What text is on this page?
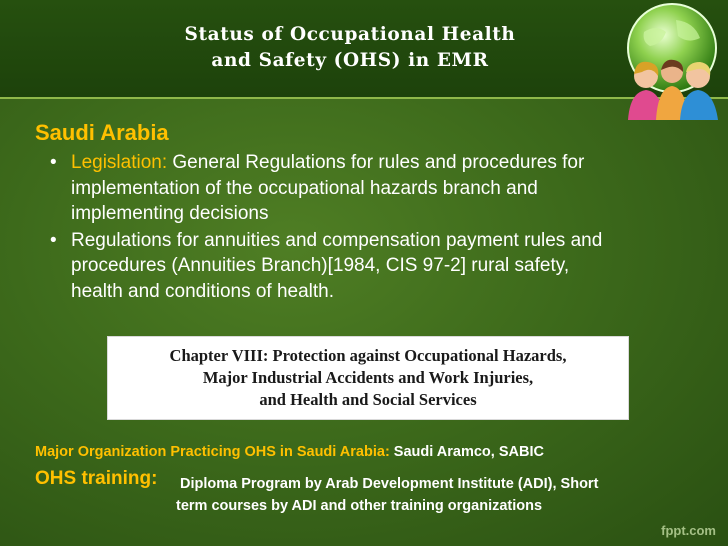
Status of Occupational Health
and Safety (OHS) in EMR
Saudi Arabia
• Legislation: General Regulations for rules and procedures for
implementation of the occupational hazards branch and
implementing decisions
• Regulations for annuities and compensation payment rules and
procedures (Annuities Branch)[1984, CIS 97-2] rural safety,
health and conditions of health.
Chapter VIII: Protection against Occupational Hazards,
Major Industrial Accidents and Work Injuries,
and Health and Social Services
Major Organization Practicing OHS in Saudi Arabia: Saudi Aramco, SABIC
OHS training: Diploma Program by Arab Development Institute (ADI), Short
term courses by ADI and other training organizations
fppt.com
